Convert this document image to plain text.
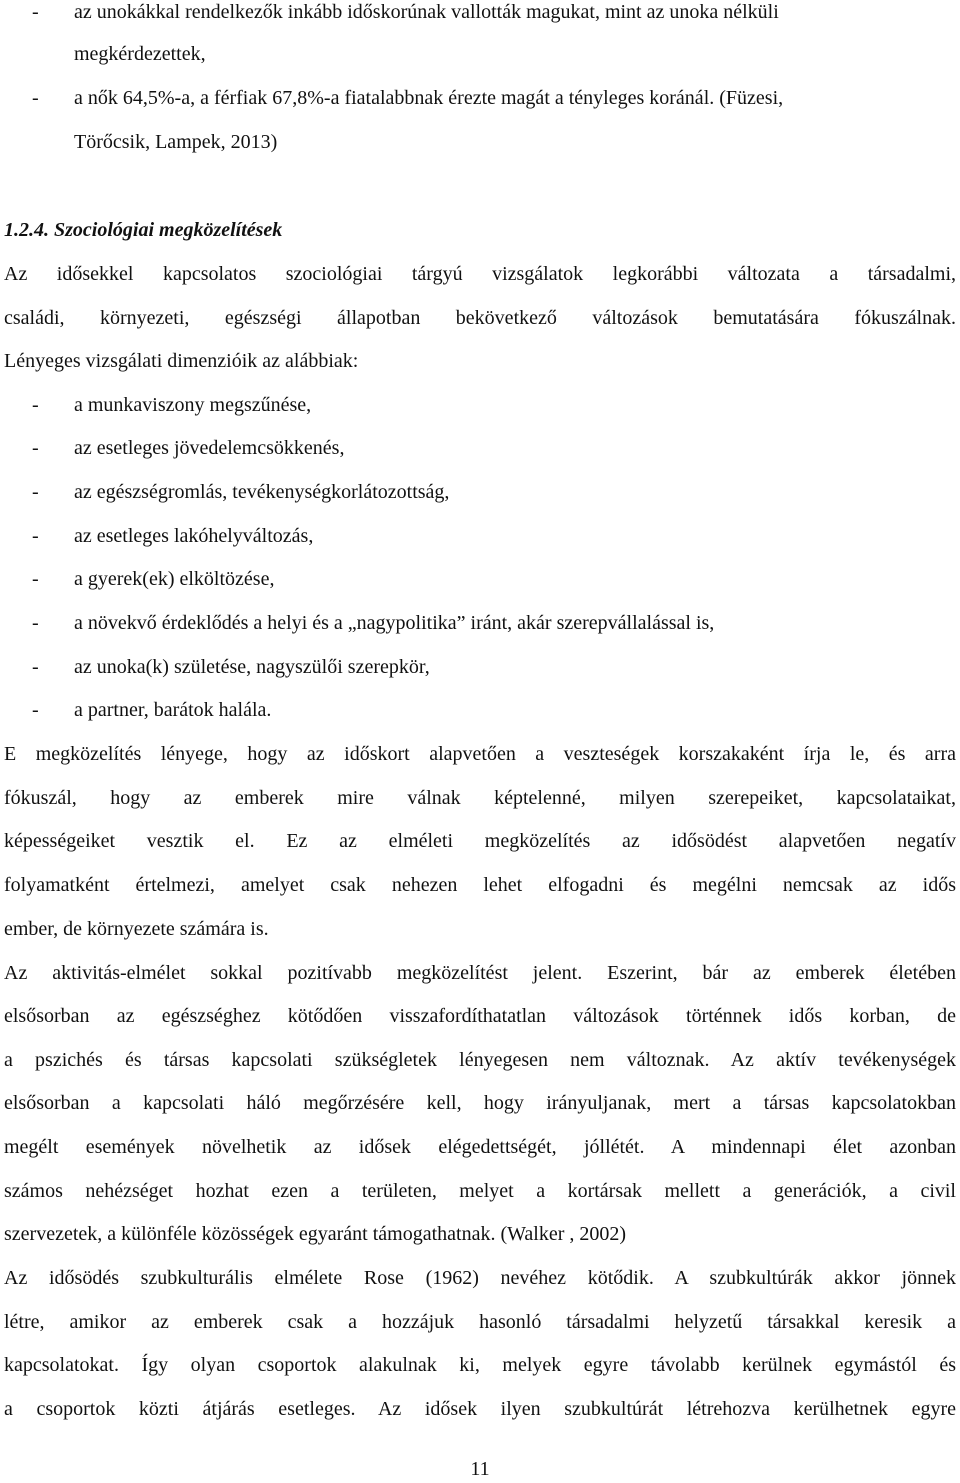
- az unokákkal rendelkezők inkább időskorúnak vallották magukat, mint az unoka nélküli
megkérdezettek,
- a nők 64,5%-a, a férfiak 67,8%-a fiatalabbnak érezte magát a tényleges koránál. (Füzesi,
Törőcsik, Lampek, 2013)
1.2.4. Szociológiai megközelítések
Az idősekkel kapcsolatos szociológiai tárgyú vizsgálatok legkorábbi változata a társadalmi,
családi, környezeti, egészségi állapotban bekövetkező változások bemutatására fókuszálnak.
Lényeges vizsgálati dimenzióik az alábbiak:
- a munkaviszony megszűnése,
- az esetleges jövedelemcsökkenés,
- az egészségromlás, tevékenységkorlátozottság,
- az esetleges lakóhelyváltozás,
- a gyerek(ek) elköltözése,
- a növekvő érdeklődés a helyi és a „nagypolitika” iránt, akár szerepvállalással is,
- az unoka(k) születése, nagyszülői szerepkör,
- a partner, barátok halála.
E megközelítés lényege, hogy az időskort alapvetően a veszteségek korszakaként írja le, és arra
fókuszál, hogy az emberek mire válnak képtelenné, milyen szerepeiket, kapcsolataikat,
képességeiket vesztik el. Ez az elméleti megközelítés az idősödést alapvetően negatív
folyamatként értelmezi, amelyet csak nehezen lehet elfogadni és megélni nemcsak az idős
ember, de környezete számára is.
Az aktivitás-elmélet sokkal pozitívabb megközelítést jelent. Eszerint, bár az emberek életében
elsősorban az egészséghez kötődően visszafordíthatatlan változások történnek idős korban, de
a pszichés és társas kapcsolati szükségletek lényegesen nem változnak. Az aktív tevékenységek
elsősorban a kapcsolati háló megőrzésére kell, hogy irányuljanak, mert a társas kapcsolatokban
megélt események növelhetik az idősek elégedettségét, jóllétét. A mindennapi élet azonban
számos nehézséget hozhat ezen a területen, melyet a kortársak mellett a generációk, a civil
szervezetek, a különféle közösségek egyaránt támogathatnak. (Walker , 2002)
Az idősödés szubkulturális elmélete Rose (1962) nevéhez kötődik. A szubkultúrák akkor jönnek
létre, amikor az emberek csak a hozzájuk hasonló társadalmi helyzetű társakkal keresik a
kapcsolatokat. Így olyan csoportok alakulnak ki, melyek egyre távolabb kerülnek egymástól és
a csoportok közti átjárás esetleges. Az idősek ilyen szubkultúrát létrehozva kerülhetnek egyre
11
